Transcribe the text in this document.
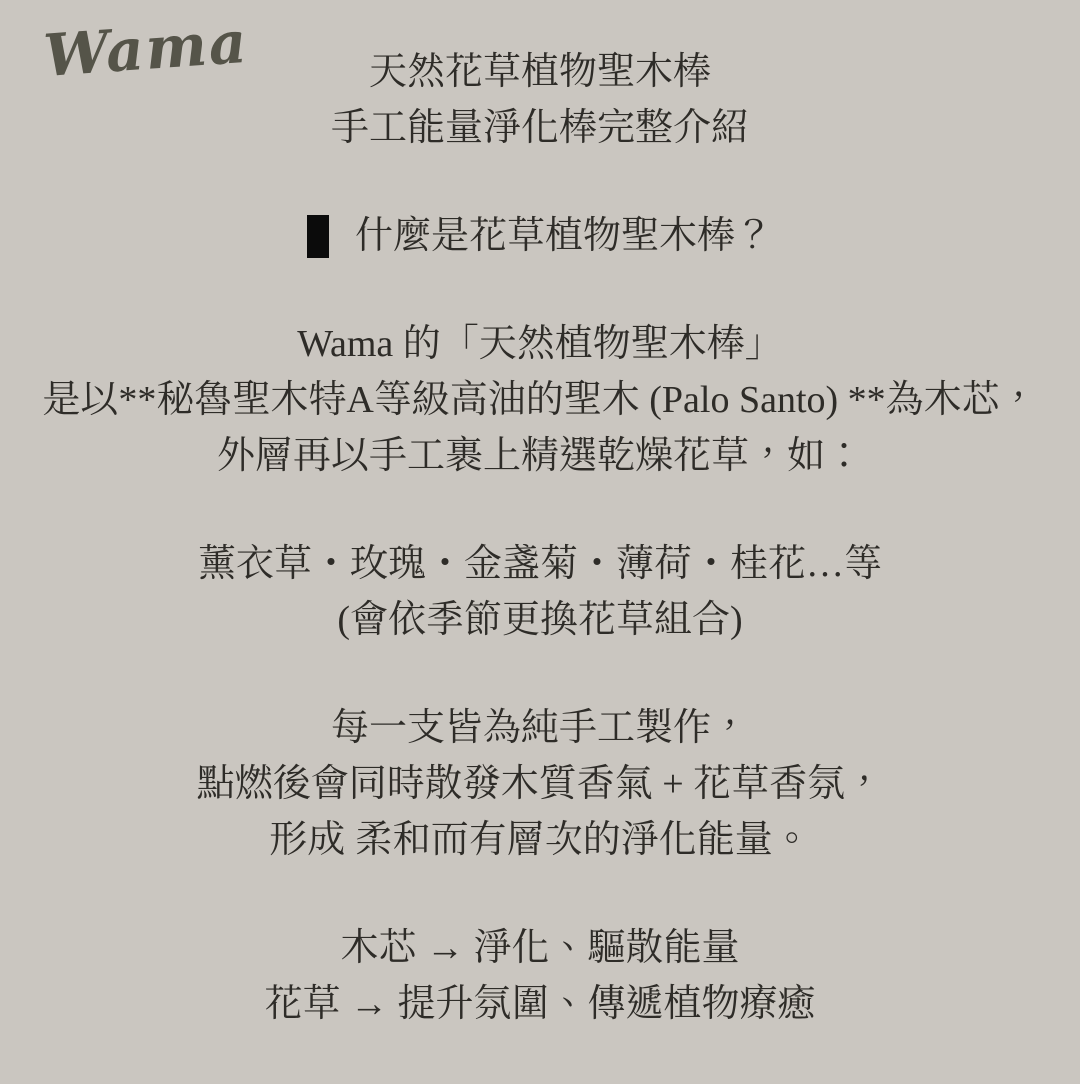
Wama	天然花草植物聖木棒
手工能量淨化棒完整介紹
什麼是花草植物聖木棒？

Wama 的「天然植物聖木棒」
是以**秘魯聖木特A等級高油的聖木 (Palo Santo) **為木芯，
外層再以手工裹上精選乾燥花草，如：

薰衣草・玫瑰・金盞菊・薄荷・桂花…等
(會依季節更換花草組合)

每一支皆為純手工製作，
點燃後會同時散發木質香氣 + 花草香氛，
形成 柔和而有層次的淨化能量。

木芯 → 淨化、驅散能量
花草 → 提升氛圍、傳遞植物療癒
